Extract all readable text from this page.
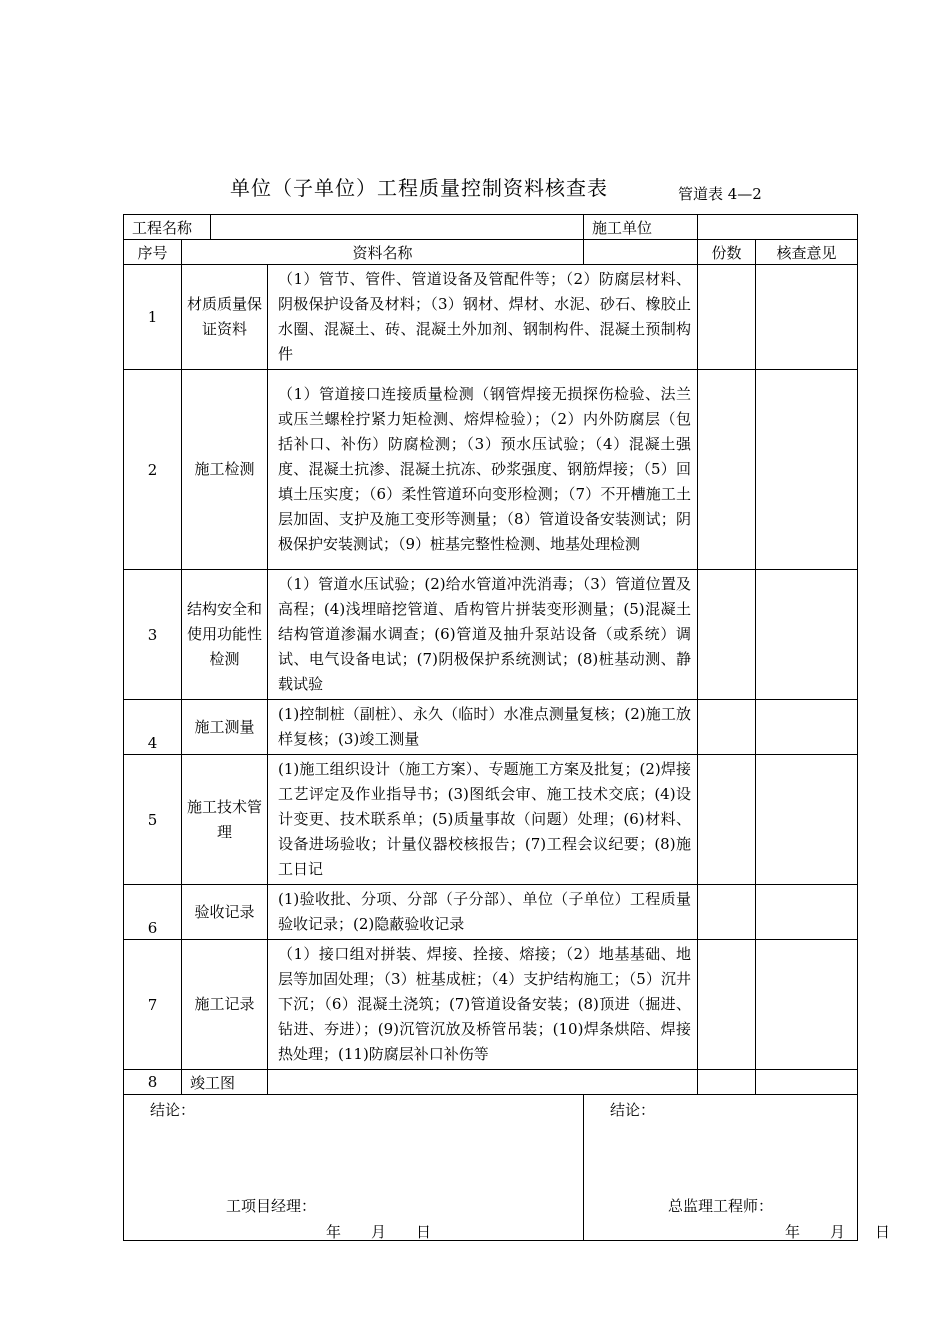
单位（子单位）工程质量控制资料核查表	管道表 4—2
工程名称				施工单位		
序号	资料名称				份数	核查意见
1	材质质量保证资料		（1）管节、管件、管道设备及管配件等；（2）防腐层材料、阴极保护设备及材料；（3）钢材、焊材、水泥、砂石、橡胶止水圈、混凝土、砖、混凝土外加剂、钢制构件、混凝土预制构件			
2	施工检测		（1）管道接口连接质量检测（钢管焊接无损探伤检验、法兰或压兰螺栓拧紧力矩检测、熔焊检验）；（2）内外防腐层（包括补口、补伤）防腐检测；（3）预水压试验；（4）混凝土强度、混凝土抗渗、混凝土抗冻、砂浆强度、钢筋焊接；（5）回填土压实度；（6）柔性管道环向变形检测；（7）不开槽施工土层加固、支护及施工变形等测量；（8）管道设备安装测试；阴极保护安装测试；（9）桩基完整性检测、地基处理检测			
3	结构安全和使用功能性检测		（1）管道水压试验；(2)给水管道冲洗消毒；（3）管道位置及高程；(4)浅埋暗挖管道、盾构管片拼装变形测量；(5)混凝土结构管道渗漏水调查；(6)管道及抽升泵站设备（或系统）调试、电气设备电试；(7)阴极保护系统测试；(8)桩基动测、静载试验			
4	施工测量		(1)控制桩（副桩）、永久（临时）水准点测量复核；(2)施工放样复核；(3)竣工测量			
5	施工技术管理		(1)施工组织设计（施工方案）、专题施工方案及批复；(2)焊接工艺评定及作业指导书；(3)图纸会审、施工技术交底；(4)设计变更、技术联系单；(5)质量事故（问题）处理；(6)材料、设备进场验收；计量仪器校核报告；(7)工程会议纪要；(8)施工日记			
6	验收记录		(1)验收批、分项、分部（子分部）、单位（子单位）工程质量验收记录；(2)隐蔽验收记录			
7	施工记录		（1）接口组对拼装、焊接、拴接、熔接；（2）地基基础、地层等加固处理；（3）桩基成桩；（4）支护结构施工；（5）沉井下沉；（6）混凝土浇筑；(7)管道设备安装；(8)顶进（掘进、钻进、夯进）；(9)沉管沉放及桥管吊装；(10)焊条烘陪、焊接热处理；(11)防腐层补口补伤等			
8	竣工图					

结论：
工项目经理：
年　　月　　日				结论：
总监理工程师：
年　　月　　日		
